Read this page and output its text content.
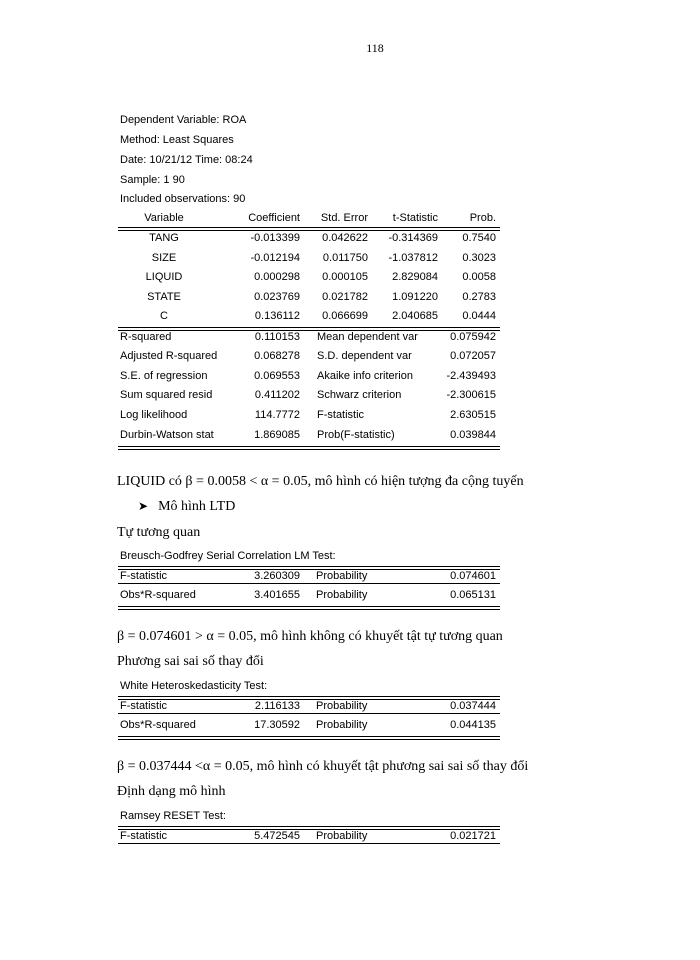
118
Dependent Variable: ROA
Method: Least Squares
Date: 10/21/12 Time: 08:24
Sample: 1 90
Included observations: 90
Variable	Coefficient Std. Error t-Statistic	Prob.
TANG	-0.013399 0.042622 -0.314369 0.7540
SIZE	-0.012194 0.011750 -1.037812 0.3023
LIQUID	0.000298 0.000105 2.829084 0.0058
STATE	0.023769 0.021782 1.091220 0.2783
C	0.136112 0.066699 2.040685 0.0444
R-squared	0.110153 Mean dependent var	0.075942
Adjusted R-squared	0.068278 S.D. dependent var	0.072057
S.E. of regression	0.069553 Akaike info criterion	-2.439493
Sum squared resid	0.411202 Schwarz criterion	-2.300615
Log likelihood	114.7772 F-statistic	2.630515
Durbin-Watson stat	1.869085 Prob(F-statistic)	0.039844
LIQUID có β = 0.0058 < α = 0.05, mô hình có hiện tượng đa cộng tuyến
➤ Mô hình LTD
Tự tương quan
Breusch-Godfrey Serial Correlation LM Test:
F-statistic	3.260309 Probability	0.074601
Obs*R-squared	3.401655 Probability	0.065131
β = 0.074601 > α = 0.05, mô hình không có khuyết tật tự tương quan
Phương sai sai số thay đổi
White Heteroskedasticity Test:
F-statistic	2.116133 Probability	0.037444
Obs*R-squared	17.30592 Probability	0.044135
β = 0.037444 <α = 0.05, mô hình có khuyết tật phương sai sai số thay đổi
Định dạng mô hình
Ramsey RESET Test:
F-statistic	5.472545 Probability	0.021721
